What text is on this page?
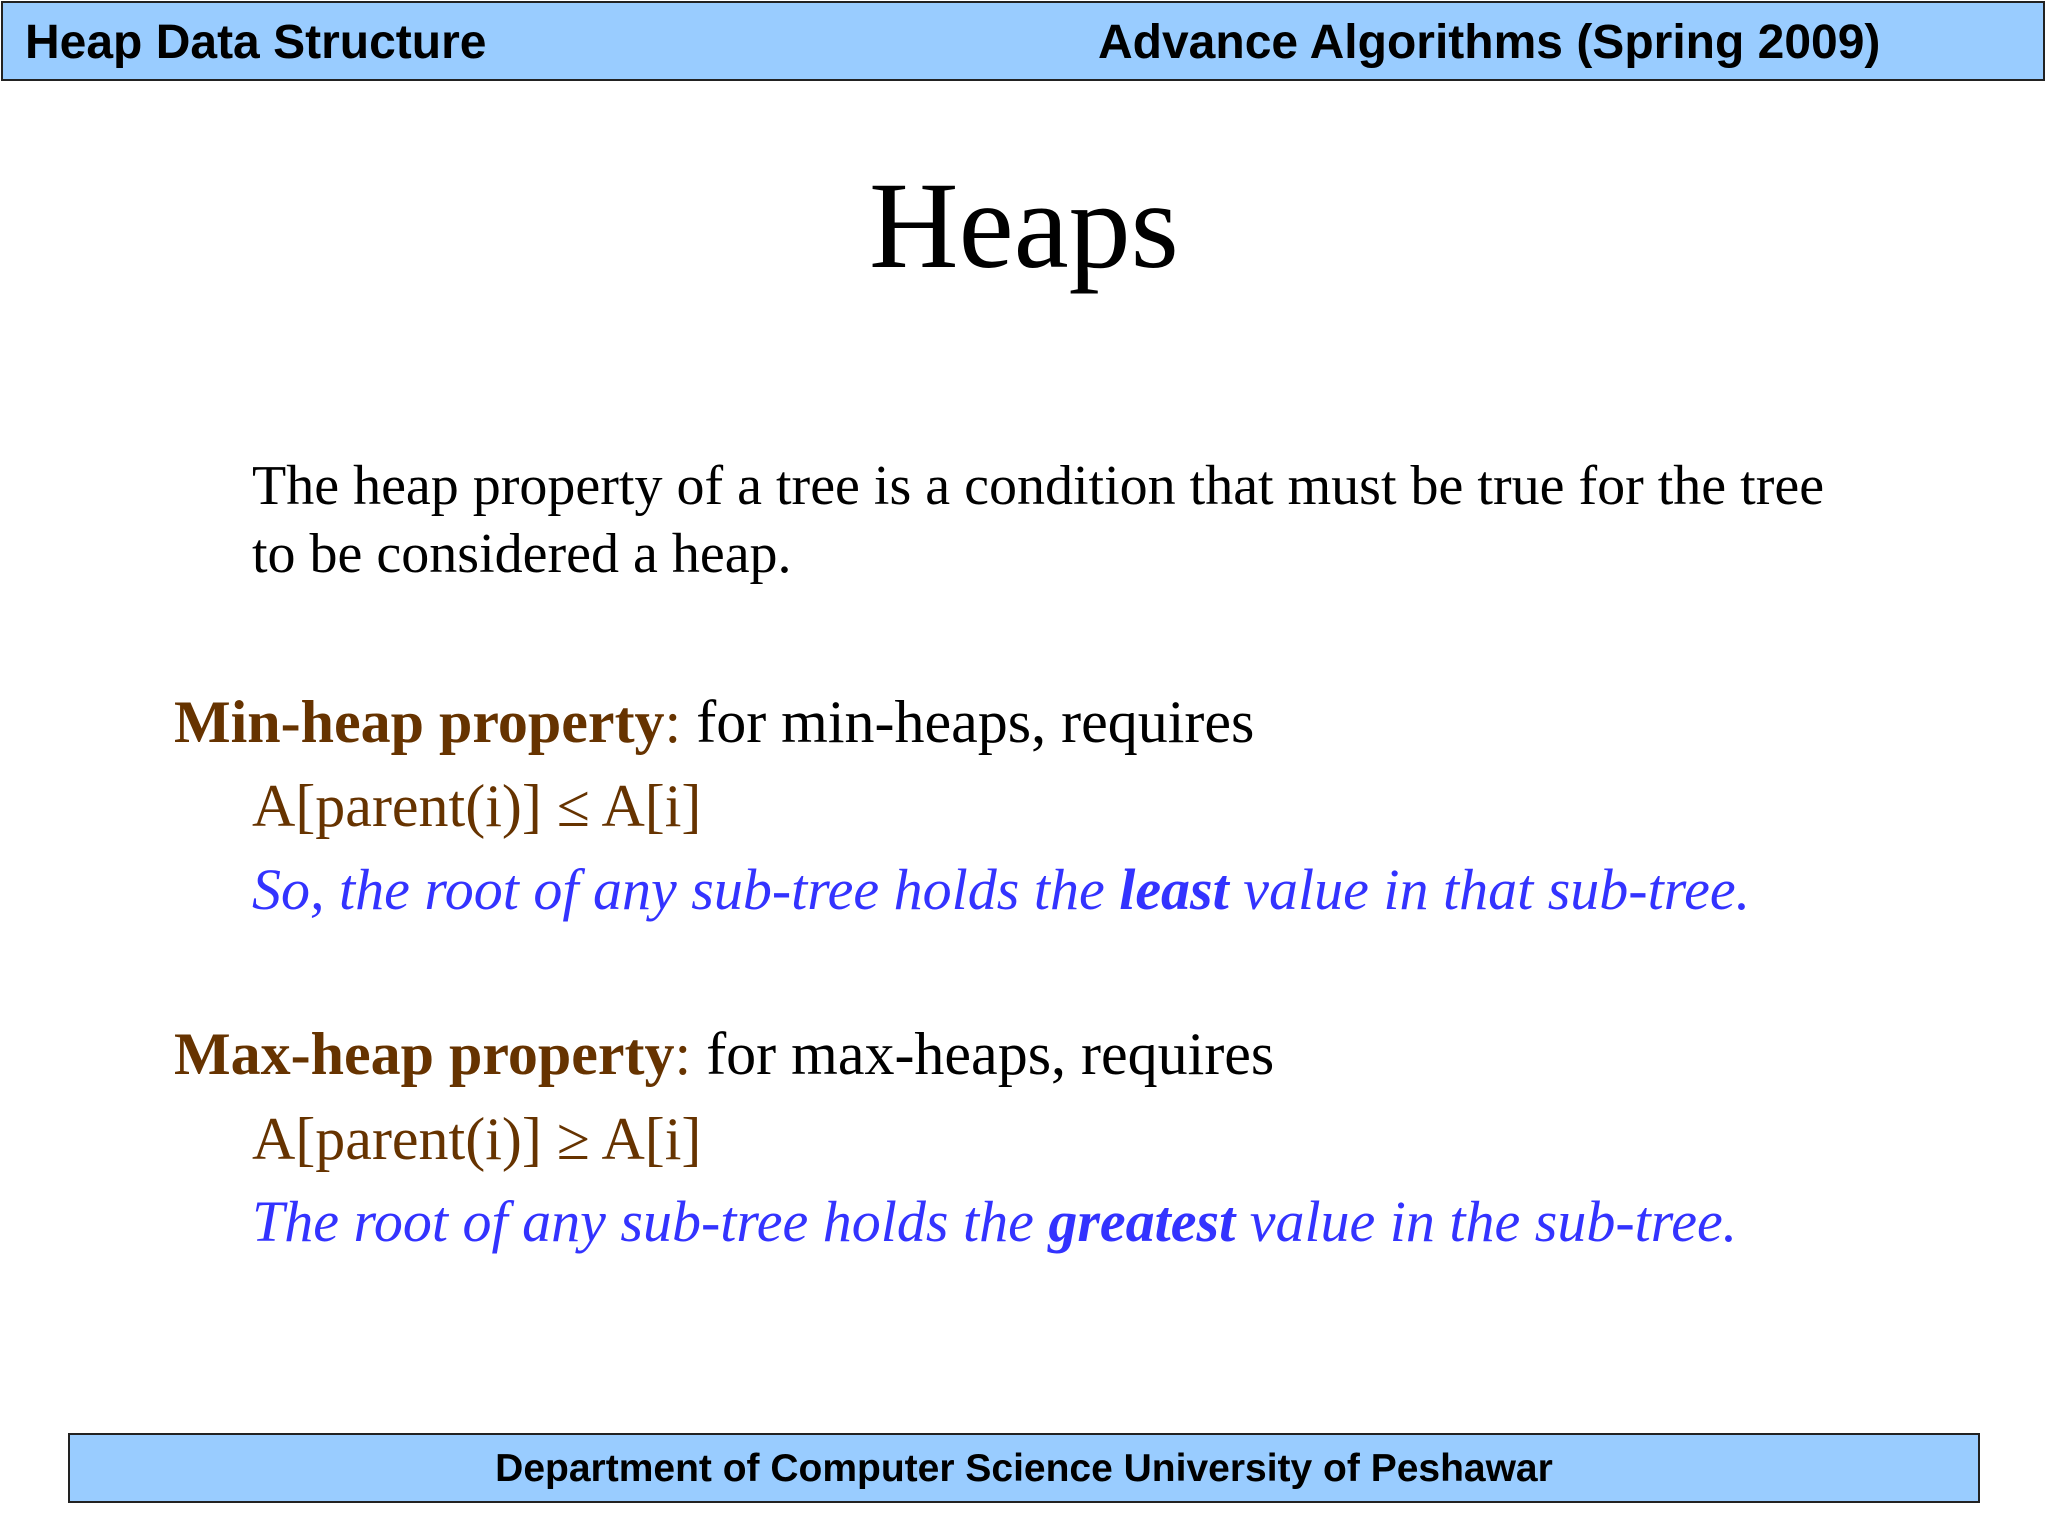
Heap Data Structure	Advance Algorithms (Spring 2009)
Heaps
The heap property of a tree is a condition that must be true for the tree to be considered a heap.
Min-heap property: for min-heaps, requires
A[parent(i)] ≤ A[i]
So, the root of any sub-tree holds the least value in that sub-tree.
Max-heap property: for max-heaps, requires
A[parent(i)] ≥ A[i]
The root of any sub-tree holds the greatest value in the sub-tree.
Department of Computer Science University of Peshawar
